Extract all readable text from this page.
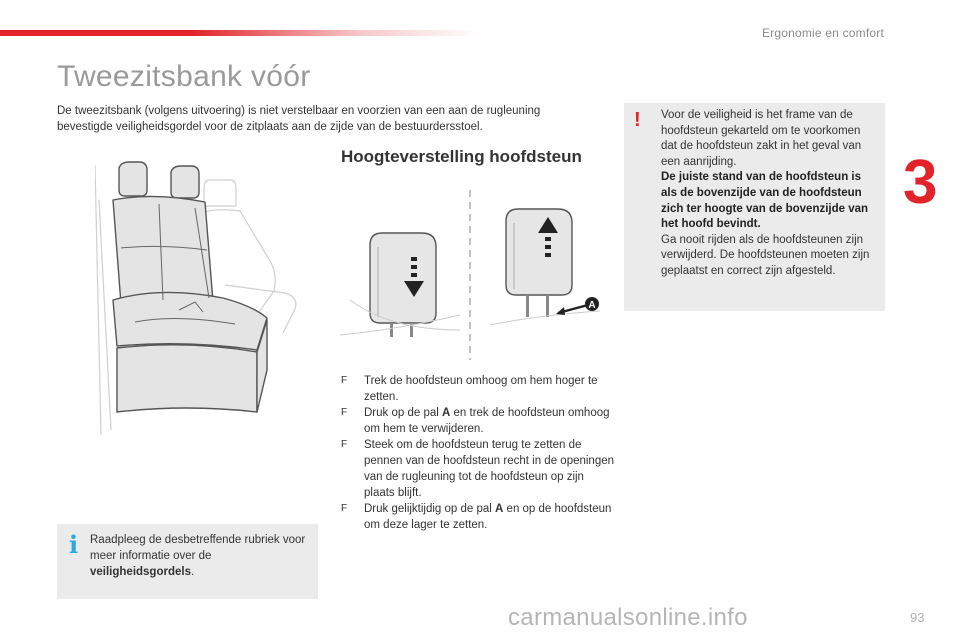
Ergonomie en comfort
3
Tweezitsbank vóór

De tweezitsbank (volgens uitvoering) is niet verstelbaar en voorzien van een aan de rugleuning bevestigde veiligheidsgordel voor de zitplaats aan de zijde van de bestuurdersstoel.	! Voor de veiligheid is het frame van de hoofdsteun gekarteld om te voorkomen dat de hoofdsteun zakt in het geval van een aanrijding.
De juiste stand van de hoofdsteun is als de bovenzijde van de hoofdsteun zich ter hoogte van de bovenzijde van het hoofd bevindt.
Ga nooit rijden als de hoofdsteunen zijn verwijderd. De hoofdsteunen moeten zijn geplaatst en correct zijn afgesteld.
Hoogteverstelling hoofdsteun
A
F Trek de hoofdsteun omhoog om hem hoger te zetten.
F Druk op de pal A en trek de hoofdsteun omhoog om hem te verwijderen.
F Steek om de hoofdsteun terug te zetten de pennen van de hoofdsteun recht in de openingen van de rugleuning tot de hoofdsteun op zijn plaats blijft.
F Druk gelijktijdig op de pal A en op de hoofdsteun om deze lager te zetten.
i Raadpleeg de desbetreffende rubriek voor meer informatie over de veiligheidsgordels.

carmanualsonline.info	93
